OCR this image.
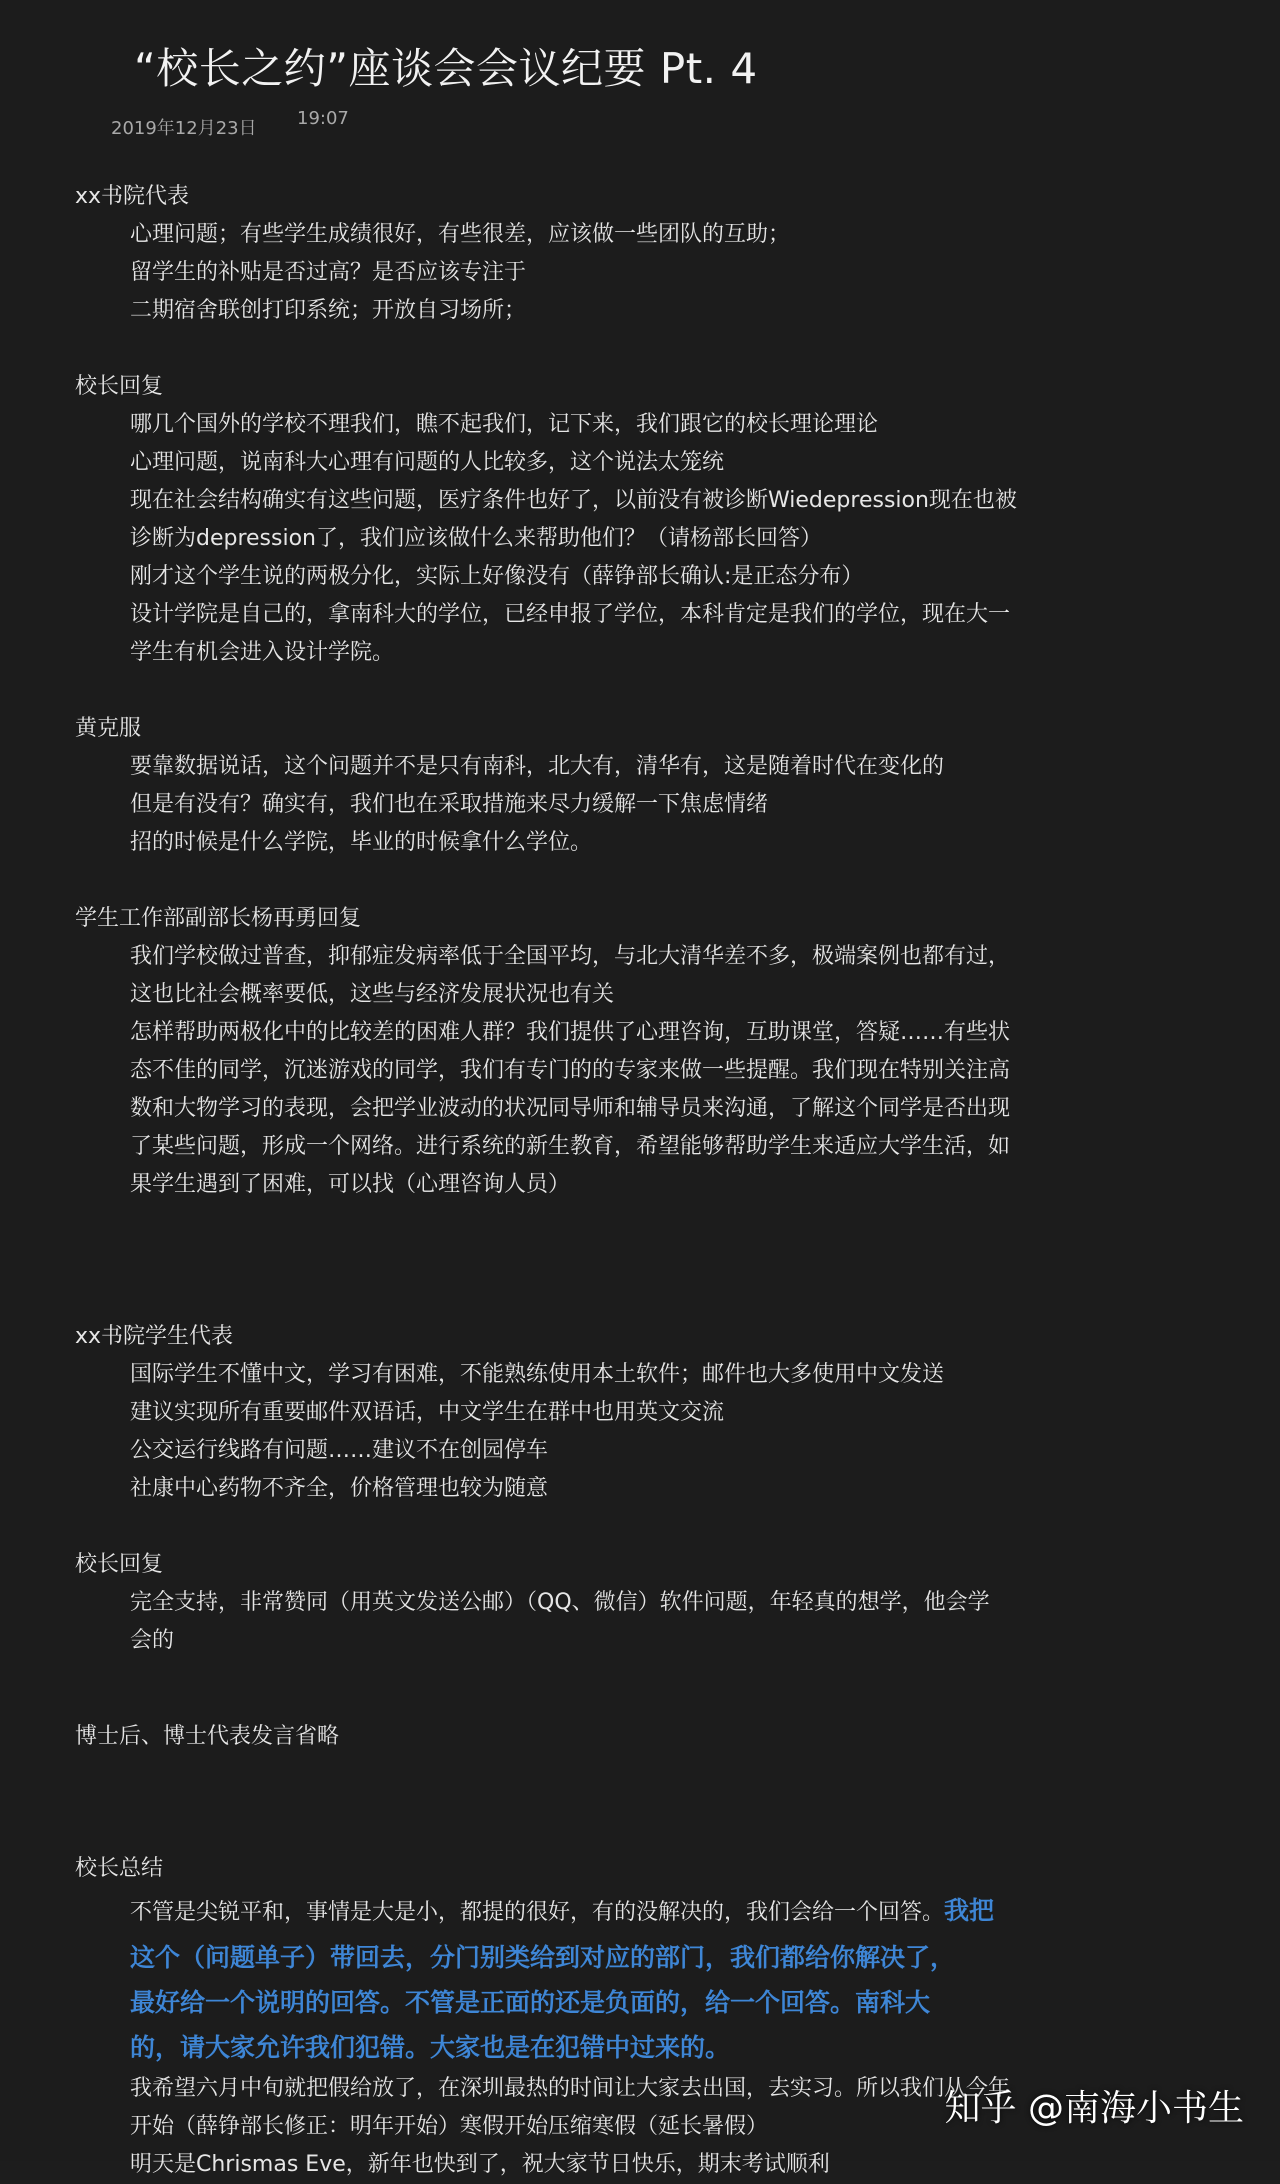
“校长之约”座谈会会议纪要 Pt. 4
2019年12月23日 19:07
xx书院代表
心理问题；有些学生成绩很好，有些很差，应该做一些团队的互助；
留学生的补贴是否过高？是否应该专注于
二期宿舍联创打印系统；开放自习场所；
校长回复
哪几个国外的学校不理我们，瞧不起我们，记下来，我们跟它的校长理论理论
心理问题，说南科大心理有问题的人比较多，这个说法太笼统
现在社会结构确实有这些问题，医疗条件也好了，以前没有被诊断Wiedepression现在也被
诊断为depression了，我们应该做什么来帮助他们？（请杨部长回答）
刚才这个学生说的两极分化，实际上好像没有（薛铮部长确认:是正态分布）
设计学院是自己的，拿南科大的学位，已经申报了学位，本科肯定是我们的学位，现在大一
学生有机会进入设计学院。
黄克服
要靠数据说话，这个问题并不是只有南科，北大有，清华有，这是随着时代在变化的
但是有没有？确实有，我们也在采取措施来尽力缓解一下焦虑情绪
招的时候是什么学院，毕业的时候拿什么学位。
学生工作部副部长杨再勇回复
我们学校做过普查，抑郁症发病率低于全国平均，与北大清华差不多，极端案例也都有过，
这也比社会概率要低，这些与经济发展状况也有关
怎样帮助两极化中的比较差的困难人群？我们提供了心理咨询，互助课堂，答疑……有些状
态不佳的同学，沉迷游戏的同学，我们有专门的的专家来做一些提醒。我们现在特别关注高
数和大物学习的表现，会把学业波动的状况同导师和辅导员来沟通，了解这个同学是否出现
了某些问题，形成一个网络。进行系统的新生教育，希望能够帮助学生来适应大学生活，如
果学生遇到了困难，可以找（心理咨询人员）
xx书院学生代表
国际学生不懂中文，学习有困难，不能熟练使用本土软件；邮件也大多使用中文发送
建议实现所有重要邮件双语话，中文学生在群中也用英文交流
公交运行线路有问题……建议不在创园停车
社康中心药物不齐全，价格管理也较为随意
校长回复
完全支持，非常赞同（用英文发送公邮）（QQ、微信）软件问题，年轻真的想学，他会学
会的
博士后、博士代表发言省略
校长总结
不管是尖锐平和，事情是大是小，都提的很好，有的没解决的，我们会给一个回答。我把
这个（问题单子）带回去，分门别类给到对应的部门，我们都给你解决了，
最好给一个说明的回答。不管是正面的还是负面的，给一个回答。南科大
的，请大家允许我们犯错。大家也是在犯错中过来的。
我希望六月中旬就把假给放了，在深圳最热的时间让大家去出国，去实习。所以我们从今年
开始（薛铮部长修正：明年开始）寒假开始压缩寒假（延长暑假）
明天是Chrismas Eve，新年也快到了，祝大家节日快乐，期末考试顺利
知乎 @南海小书生
